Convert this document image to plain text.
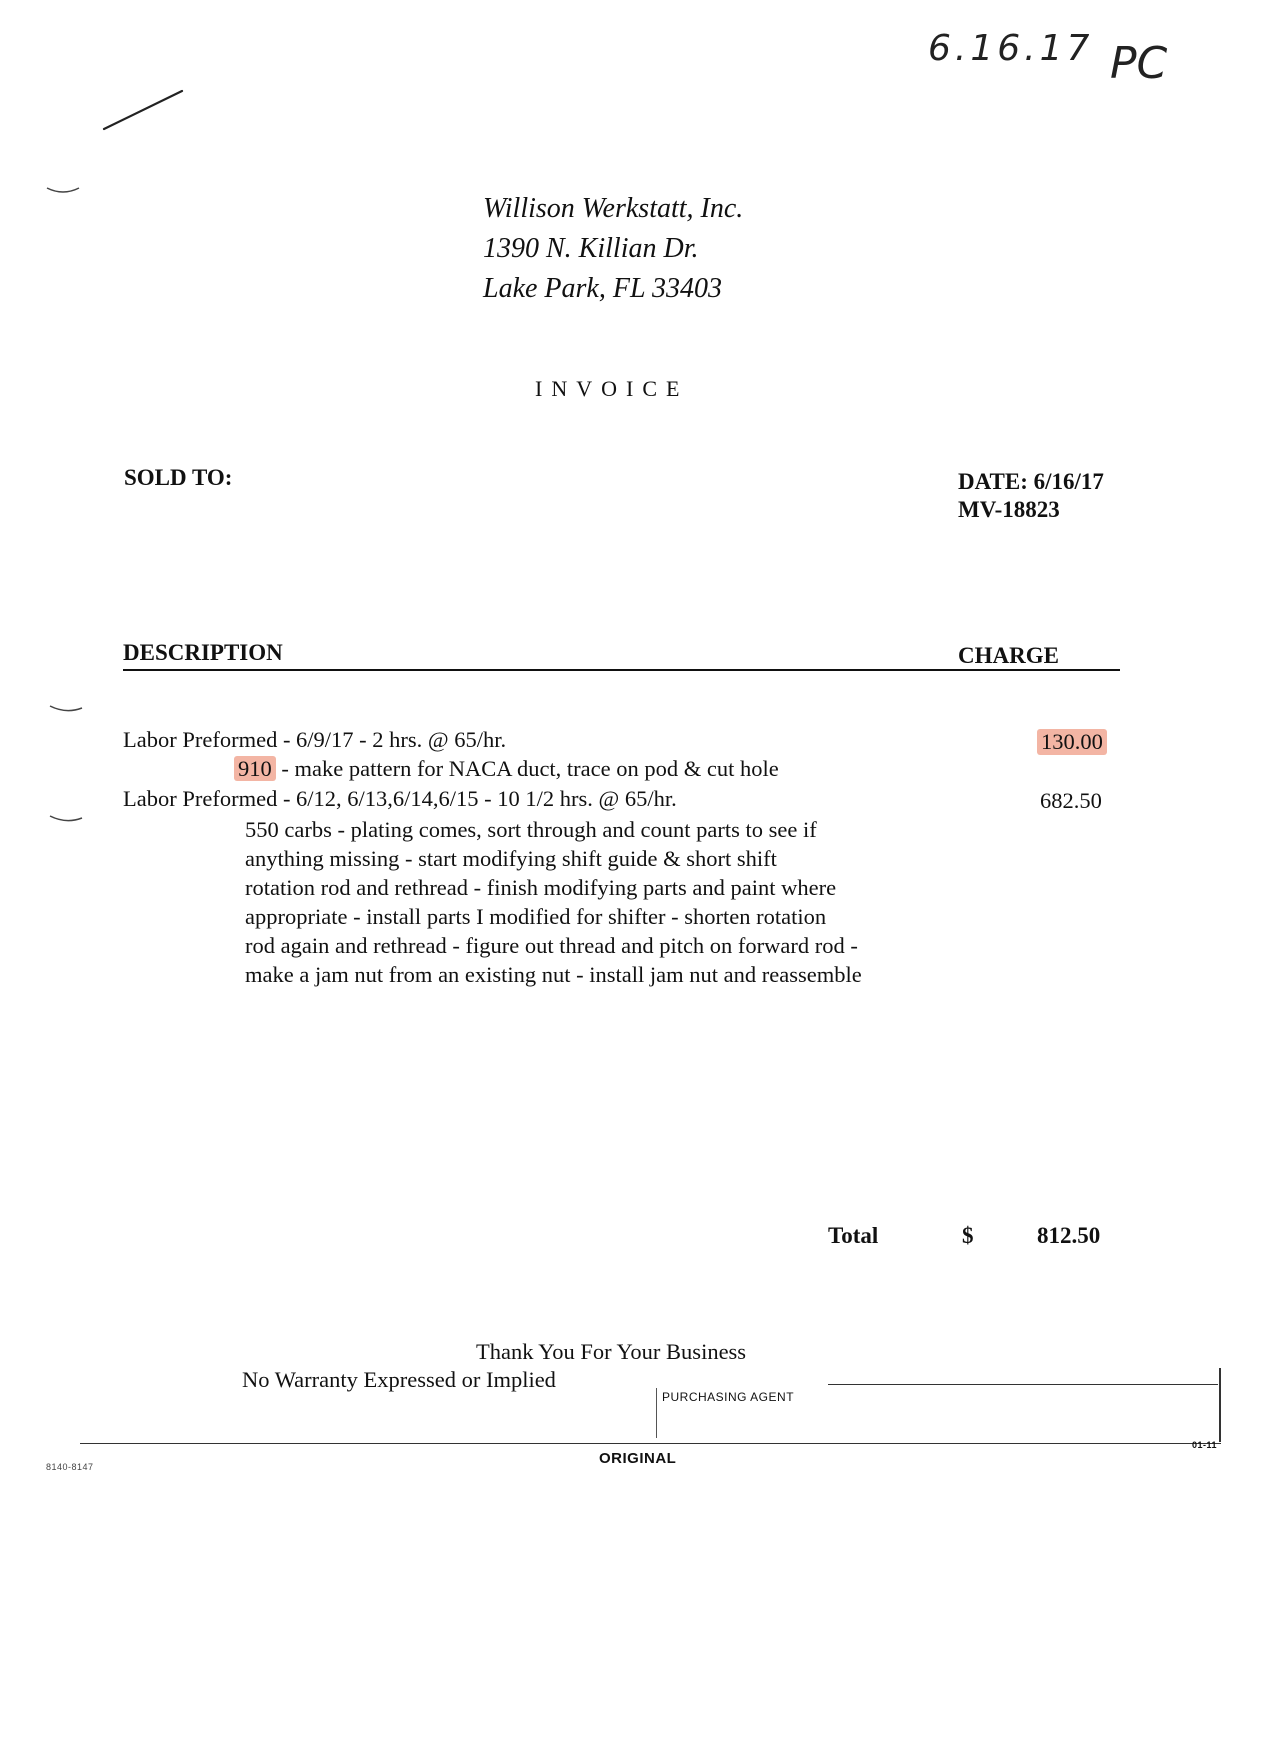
6.16.17 PC
Willison Werkstatt, Inc.
1390 N. Killian Dr.
Lake Park, FL 33403
INVOICE
SOLD TO:	DATE: 6/16/17
MV-18823
DESCRIPTION	CHARGE
Labor Preformed - 6/9/17 - 2 hrs. @ 65/hr.	130.00
910 - make pattern for NACA duct, trace on pod & cut hole
Labor Preformed - 6/12, 6/13,6/14,6/15 - 10 1/2 hrs. @ 65/hr.	682.50
550 carbs - plating comes, sort through and count parts to see if
anything missing - start modifying shift guide & short shift
rotation rod and rethread - finish modifying parts and paint where
appropriate - install parts I modified for shifter - shorten rotation
rod again and rethread - figure out thread and pitch on forward rod -
make a jam nut from an existing nut - install jam nut and reassemble
Total	$	812.50
Thank You For Your Business
No Warranty Expressed or Implied
PURCHASING AGENT
ORIGINAL
01-11
8140-8147
